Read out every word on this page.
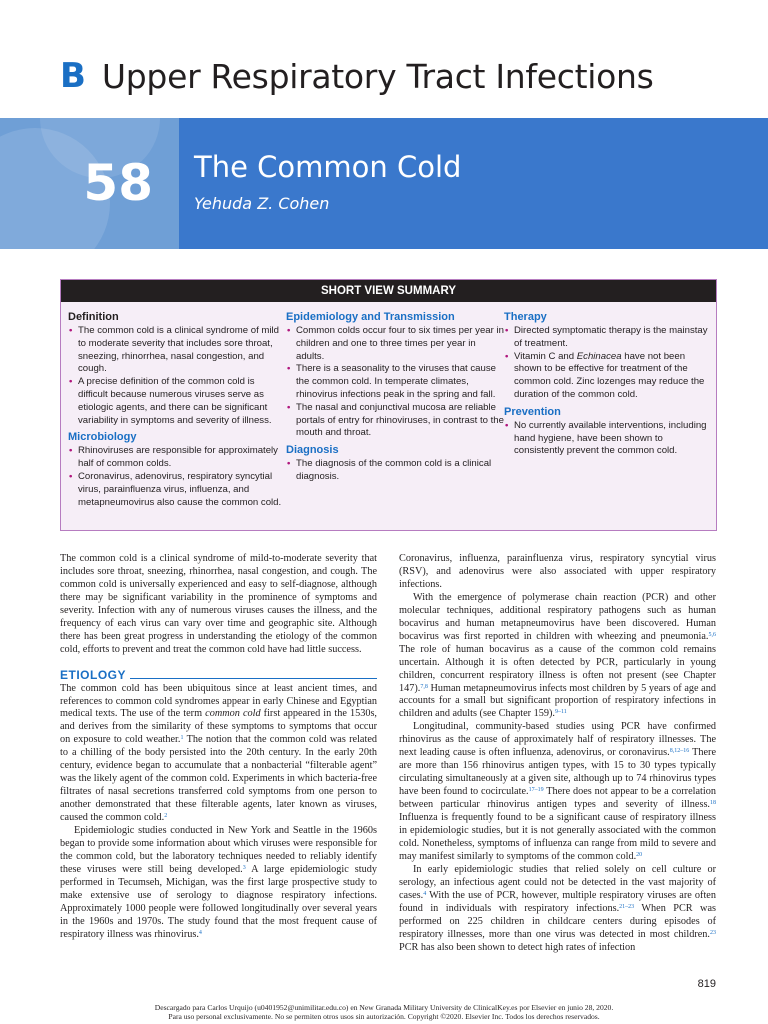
B Upper Respiratory Tract Infections
58 The Common Cold
Yehuda Z. Cohen
SHORT VIEW SUMMARY
Definition
• The common cold is a clinical syndrome of mild to moderate severity that includes sore throat, sneezing, rhinorrhea, nasal congestion, and cough.
• A precise definition of the common cold is difficult because numerous viruses serve as etiologic agents, and there can be significant variability in symptoms and severity of illness.
Microbiology
• Rhinoviruses are responsible for approximately half of common colds.
• Coronavirus, adenovirus, respiratory syncytial virus, parainfluenza virus, influenza, and metapneumovirus also cause the common cold.
Epidemiology and Transmission
• Common colds occur four to six times per year in children and one to three times per year in adults.
• There is a seasonality to the viruses that cause the common cold. In temperate climates, rhinovirus infections peak in the spring and fall.
• The nasal and conjunctival mucosa are reliable portals of entry for rhinoviruses, in contrast to the mouth and throat.
Diagnosis
• The diagnosis of the common cold is a clinical diagnosis.
Therapy
• Directed symptomatic therapy is the mainstay of treatment.
• Vitamin C and Echinacea have not been shown to be effective for treatment of the common cold. Zinc lozenges may reduce the duration of the common cold.
Prevention
• No currently available interventions, including hand hygiene, have been shown to consistently prevent the common cold.

The common cold is a clinical syndrome of mild-to-moderate severity that includes sore throat, sneezing, rhinorrhea, nasal congestion, and cough. The common cold is universally experienced and easy to self-diagnose, although there may be significant variability in the prominence of symptoms and severity. Infection with any of numerous viruses causes the illness, and the frequency of each virus can vary over time and geographic site. Although there has been great progress in understanding the etiology of the common cold, efforts to prevent and treat the common cold have had little success.

ETIOLOGY

The common cold has been ubiquitous since at least ancient times, and references to common cold syndromes appear in early Chinese and Egyptian medical texts. The use of the term common cold first appeared in the 1530s, and derives from the similarity of these symptoms to symptoms that occur on exposure to cold weather.$^1$ The notion that the common cold was related to a chilling of the body persisted into the 20th century. In the early 20th century, evidence began to accumulate that a nonbacterial “filterable agent” was the likely agent of the common cold. Experiments in which bacteria-free filtrates of nasal secretions transferred cold symptoms from one person to another demonstrated that these filterable agents, later known as viruses, caused the common cold.$^2$

Epidemiologic studies conducted in New York and Seattle in the 1960s began to provide some information about which viruses were responsible for the common cold, but the laboratory techniques needed to reliably identify these viruses were still being developed.$^3$ A large epidemiologic study performed in Tecumseh, Michigan, was the first large prospective study to make extensive use of serology to diagnose respiratory infections. Approximately 1000 people were followed longitudinally over several years in the 1960s and 1970s. The study found that the most frequent cause of respiratory illness was rhinovirus.$^4$

Coronavirus, influenza, parainfluenza virus, respiratory syncytial virus (RSV), and adenovirus were also associated with upper respiratory infections.

With the emergence of polymerase chain reaction (PCR) and other molecular techniques, additional respiratory pathogens such as human bocavirus and human metapneumovirus have been discovered. Human bocavirus was first reported in children with wheezing and pneumonia.$^{5,6}$ The role of human bocavirus as a cause of the common cold remains uncertain. Although it is often detected by PCR, particularly in young children, concurrent respiratory illness is often not present (see Chapter 147).$^{7,8}$ Human metapneumovirus infects most children by 5 years of age and accounts for a small but significant proportion of respiratory infections in children and adults (see Chapter 159).$^{9-11}$

Longitudinal, community-based studies using PCR have confirmed rhinovirus as the cause of approximately half of respiratory illnesses. The next leading cause is often influenza, adenovirus, or coronavirus.$^{8,12-16}$ There are more than 156 rhinovirus antigen types, with 15 to 30 types typically circulating simultaneously at a given site, although up to 74 rhinovirus types have been found to cocirculate.$^{17-19}$ There does not appear to be a correlation between particular rhinovirus antigen types and severity of illness.$^{18}$ Influenza is frequently found to be a significant cause of respiratory illness in epidemiologic studies, but it is not generally associated with the common cold. Nonetheless, symptoms of influenza can range from mild to severe and may manifest similarly to symptoms of the common cold.$^{20}$

In early epidemiologic studies that relied solely on cell culture or serology, an infectious agent could not be detected in the vast majority of cases.$^4$ With the use of PCR, however, multiple respiratory viruses are often found in individuals with respiratory infections.$^{21-23}$ When PCR was performed on 225 children in childcare centers during episodes of respiratory illnesses, more than one virus was detected in most children.$^{23}$ PCR has also been shown to detect high rates of infection

819
Descargado para Carlos Urquijo (u0401952@unimilitar.edu.co) en New Granada Military University de ClinicalKey.es por Elsevier en junio 28, 2020.
Para uso personal exclusivamente. No se permiten otros usos sin autorización. Copyright ©2020. Elsevier Inc. Todos los derechos reservados.
